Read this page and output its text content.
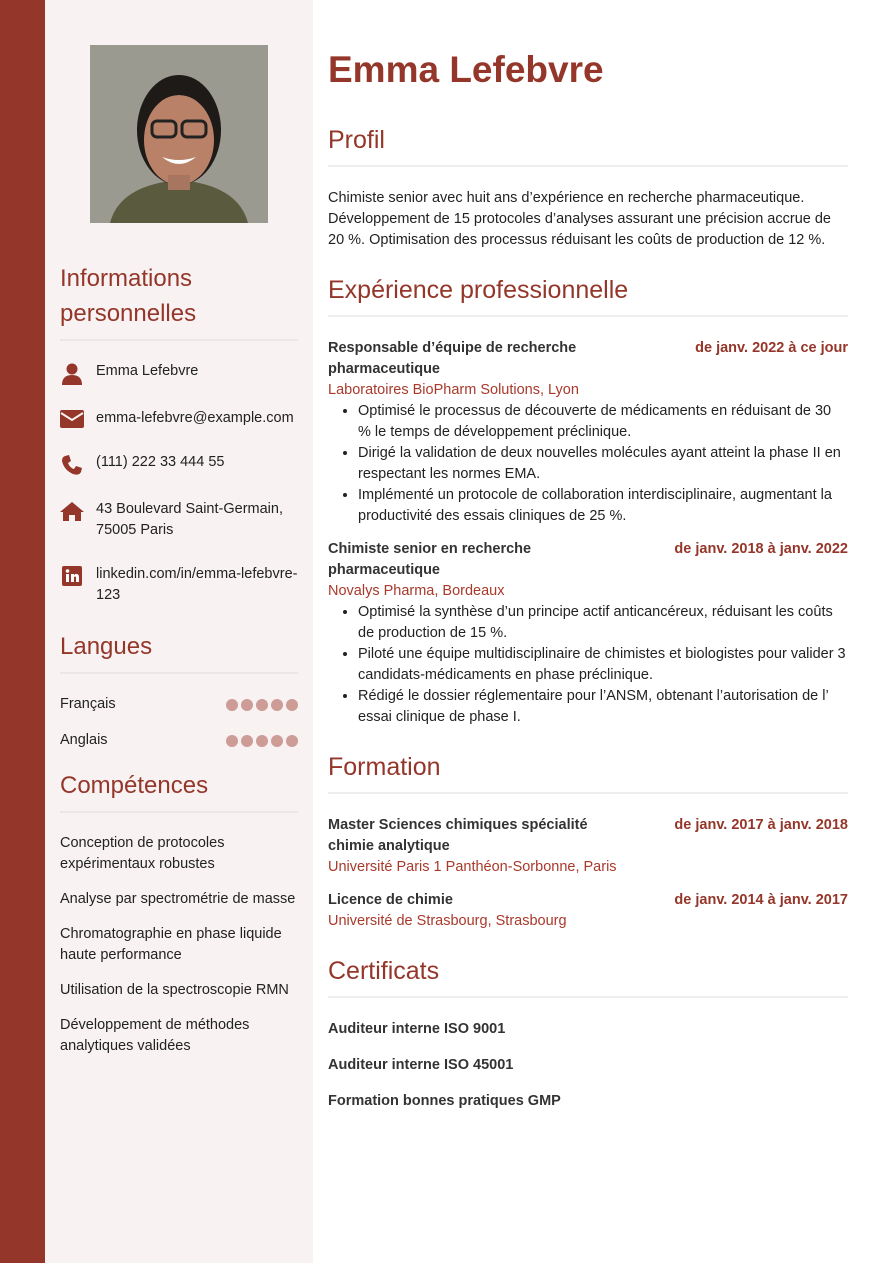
Informations personnelles
Emma Lefebvre
emma-lefebvre@example.com
(111) 222 33 444 55
43 Boulevard Saint-Germain, 75005 Paris
linkedin.com/in/emma-lefebvre-123
Langues
Français
Anglais
Compétences
Conception de protocoles expérimentaux robustes
Analyse par spectrométrie de masse
Chromatographie en phase liquide haute performance
Utilisation de la spectroscopie RMN
Développement de méthodes analytiques validées
Emma Lefebvre
Profil

Chimiste senior avec huit ans d’expérience en recherche pharmaceutique. Développement de 15 protocoles d’analyses assurant une précision accrue de 20 %. Optimisation des processus réduisant les coûts de production de 12 %.

Expérience professionnelle
Responsable d’équipe de recherche pharmaceutique
de janv. 2022 à ce jour
Laboratoires BioPharm Solutions, Lyon
• Optimisé le processus de découverte de médicaments en réduisant de 30 % le temps de développement préclinique.
• Dirigé la validation de deux nouvelles molécules ayant atteint la phase II en respectant les normes EMA.
• Implémenté un protocole de collaboration interdisciplinaire, augmentant la productivité des essais cliniques de 25 %.
Chimiste senior en recherche pharmaceutique
de janv. 2018 à janv. 2022
Novalys Pharma, Bordeaux
• Optimisé la synthèse d’un principe actif anticancéreux, réduisant les coûts de production de 15 %.
• Piloté une équipe multidisciplinaire de chimistes et biologistes pour valider 3 candidats-médicaments en phase préclinique.
• Rédigé le dossier réglementaire pour l’ANSM, obtenant l’autorisation de l’ essai clinique de phase I.
Formation
Master Sciences chimiques spécialité chimie analytique
de janv. 2017 à janv. 2018
Université Paris 1 Panthéon-Sorbonne, Paris
Licence de chimie	de janv. 2014 à janv. 2017
Université de Strasbourg, Strasbourg
Certificats
Auditeur interne ISO 9001
Auditeur interne ISO 45001
Formation bonnes pratiques GMP
